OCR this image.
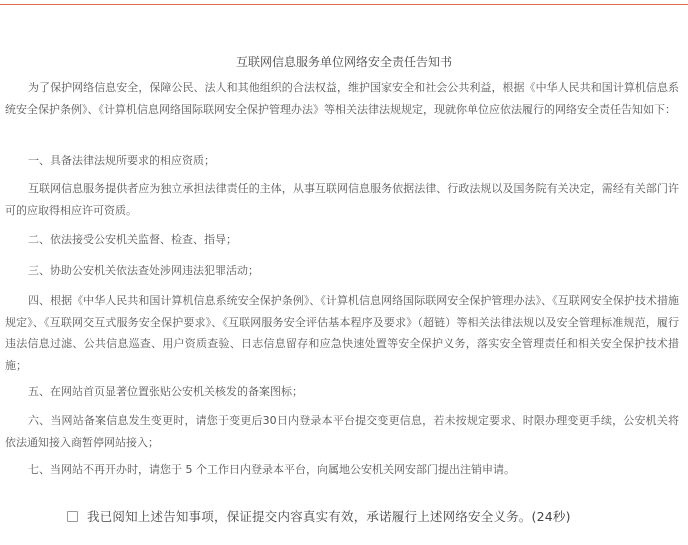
互联网信息服务单位网络安全责任告知书

为了保护网络信息安全，保障公民、法人和其他组织的合法权益，维护国家安全和社会公共利益，根据《中华人民共和国计算机信息系统安全保护条例》、《计算机信息网络国际联网安全保护管理办法》等相关法律法规规定，现就你单位应依法履行的网络安全责任告知如下：

一、具备法律法规所要求的相应资质；

互联网信息服务提供者应为独立承担法律责任的主体，从事互联网信息服务依据法律、行政法规以及国务院有关决定，需经有关部门许可的应取得相应许可资质。

二、依法接受公安机关监督、检查、指导；

三、协助公安机关依法查处涉网违法犯罪活动；

四、根据《中华人民共和国计算机信息系统安全保护条例》、《计算机信息网络国际联网安全保护管理办法》、《互联网安全保护技术措施规定》、《互联网交互式服务安全保护要求》、《互联网服务安全评估基本程序及要求》（超链）等相关法律法规以及安全管理标准规范，履行违法信息过滤、公共信息巡查、用户资质查验、日志信息留存和应急快速处置等安全保护义务，落实安全管理责任和相关安全保护技术措施；

五、在网站首页显著位置张贴公安机关核发的备案图标；

六、当网站备案信息发生变更时，请您于变更后30日内登录本平台提交变更信息，若未按规定要求、时限办理变更手续，公安机关将依法通知接入商暂停网站接入；

七、当网站不再开办时，请您于 5 个工作日内登录本平台，向属地公安机关网安部门提出注销申请。

我已阅知上述告知事项，保证提交内容真实有效，承诺履行上述网络安全义务。(24秒)
